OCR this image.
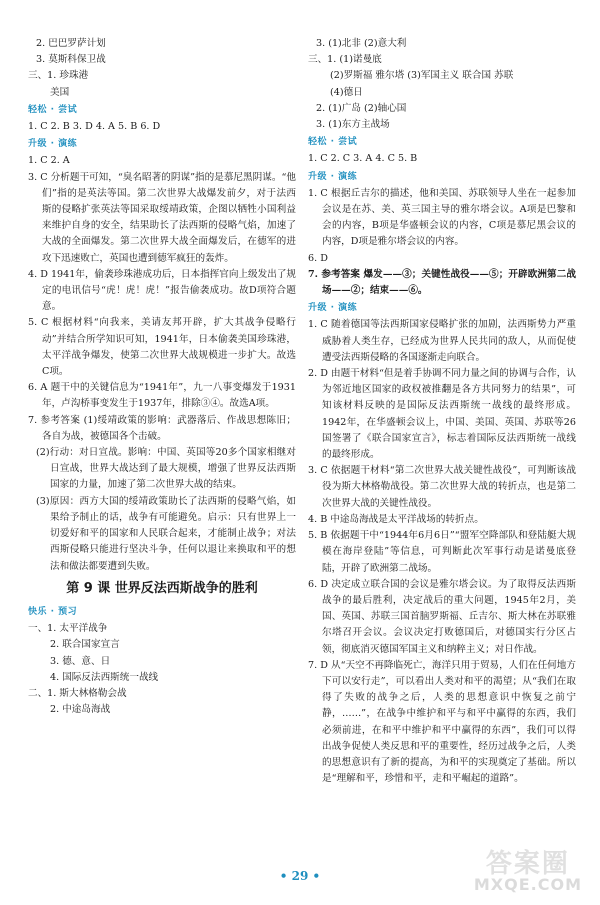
2. 巴巴罗萨计划
3. 莫斯科保卫战
三、1. 珍珠港
美国
轻松 · 尝试
1. C 2. B 3. D 4. A 5. B 6. D
升级 · 演练
1. C 2. A
3. C 分析题干可知，“臭名昭著的阴谋”指的是慕尼黑阴谋。“他们”指的是英法等国。第二次世界大战爆发前夕，对于法西斯的侵略扩张英法等国采取绥靖政策，企图以牺牲小国利益来维护自身的安全，结果助长了法西斯的侵略气焰，加速了大战的全面爆发。第二次世界大战全面爆发后，在德军的进攻下迅速败亡，英国也遭到德军疯狂的轰炸。
4. D 1941年，偷袭珍珠港成功后，日本指挥官向上级发出了规定的电讯信号“虎！虎！虎！”报告偷袭成功。故D项符合题意。
5. C 根据材料“向我来，美请友邦开辟，扩大其战争侵略行动”并结合所学知识可知，1941年，日本偷袭美国珍珠港，太平洋战争爆发，使第二次世界大战规模进一步扩大。故选C项。
6. A 题干中的关键信息为“1941年”，九一八事变爆发于1931年，卢沟桥事变发生于1937年，排除③④。故选A项。
7. 参考答案 (1)绥靖政策的影响：武器落后、作战思想陈旧；各自为战，被德国各个击破。
(2)行动：对日宣战。影响：中国、英国等20多个国家相继对日宣战，世界大战达到了最大规模，增强了世界反法西斯国家的力量，加速了第二次世界大战的结束。
(3)原因：西方大国的绥靖政策助长了法西斯的侵略气焰，如果给予制止的话，战争有可能避免。启示：只有世界上一切爱好和平的国家和人民联合起来，才能制止战争；对法西斯侵略只能进行坚决斗争，任何以退让来换取和平的想法和做法都要遭到失败。
第 9 课 世界反法西斯战争的胜利
快乐 · 预习
一、1. 太平洋战争
2. 联合国家宣言
3. 德、意、日
4. 国际反法西斯统一战线
二、1. 斯大林格勒会战
2. 中途岛海战
3. (1)北非 (2)意大利
三、1. (1)诺曼底
(2)罗斯福 雅尔塔 (3)军国主义 联合国 苏联
(4)德日
2. (1)广岛 (2)轴心国
3. (1)东方主战场
轻松 · 尝试
1. C 2. C 3. A 4. C 5. B
升级 · 演练
1. C 根据丘吉尔的描述，他和美国、苏联领导人坐在一起参加会议是在苏、美、英三国主导的雅尔塔会议。A项是巴黎和会的内容，B项是华盛顿会议的内容，C项是慕尼黑会议的内容，D项是雅尔塔会议的内容。
6. D
7. 参考答案 爆发——③；关键性战役——⑤；开辟欧洲第二战场——②；结束——⑥。
升级 · 演练
1. C 随着德国等法西斯国家侵略扩张的加剧，法西斯势力严重威胁着人类生存，已经成为世界人民共同的敌人，从而促使遭受法西斯侵略的各国逐渐走向联合。
2. D 由题干材料“但是着手协调不同力量之间的协调与合作，认为邻近地区国家的政权被推翻是各方共同努力的结果”，可知该材料反映的是国际反法西斯统一战线的最终形成。1942年，在华盛顿会议上，中国、美国、英国、苏联等26国签署了《联合国家宣言》，标志着国际反法西斯统一战线的最终形成。
3. C 依据题干材料“第二次世界大战关键性战役”，可判断该战役为斯大林格勒战役。第二次世界大战的转折点，也是第二次世界大战的关键性战役。
4. B 中途岛海战是太平洋战场的转折点。
5. B 依据题干中“1944年6月6日”“盟军空降部队和登陆艇大规模在海岸登陆”等信息，可判断此次军事行动是诺曼底登陆，开辟了欧洲第二战场。
6. D 决定成立联合国的会议是雅尔塔会议。为了取得反法西斯战争的最后胜利，决定战后的重大问题，1945年2月，美国、英国、苏联三国首脑罗斯福、丘吉尔、斯大林在苏联雅尔塔召开会议。会议决定打败德国后，对德国实行分区占领，彻底消灭德国军国主义和纳粹主义；对日作战。
7. D 从“天空不再降临死亡，海洋只用于贸易，人们在任何地方下可以安行走”，可以看出人类对和平的渴望；从“我们在取得了失败的战争之后，人类的思想意识中恢复之前宁静，……”，在战争中维护和平与和平中赢得的东西，我们必须前进，在和平中维护和平中赢得的东西”，我们可以得出战争促使人类反思和平的重要性，经历过战争之后，人类的思想意识有了新的提高，为和平的实现奠定了基础。所以是“理解和平，珍惜和平，走和平崛起的道路”。
• 29 •	答案圈
MXQE.COM
